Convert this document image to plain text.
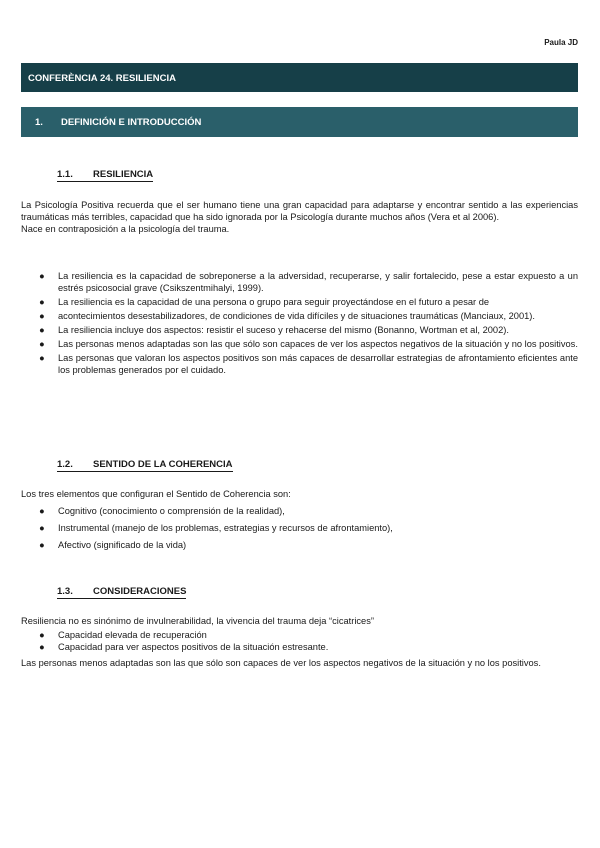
Paula JD
CONFERÈNCIA 24. RESILIENCIA
1. DEFINICIÓN E INTRODUCCIÓN
1.1. RESILIENCIA

La Psicología Positiva recuerda que el ser humano tiene una gran capacidad para adaptarse y encontrar sentido a las experiencias traumáticas más terribles, capacidad que ha sido ignorada por la Psicología durante muchos años (Vera et al 2006).

Nace en contraposición a la psicología del trauma.

● La resiliencia es la capacidad de sobreponerse a la adversidad, recuperarse, y salir fortalecido, pese a estar expuesto a un estrés psicosocial grave (Csikszentmihalyi, 1999).
● La resiliencia es la capacidad de una persona o grupo para seguir proyectándose en el futuro a pesar de
● acontecimientos desestabilizadores, de condiciones de vida difíciles y de situaciones traumáticas (Manciaux, 2001).
● La resiliencia incluye dos aspectos: resistir el suceso y rehacerse del mismo (Bonanno, Wortman et al, 2002).
● Las personas menos adaptadas son las que sólo son capaces de ver los aspectos negativos de la situación y no los positivos.
● Las personas que valoran los aspectos positivos son más capaces de desarrollar estrategias de afrontamiento eficientes ante los problemas generados por el cuidado.
1.2. SENTIDO DE LA COHERENCIA
Los tres elementos que configuran el Sentido de Coherencia son:
● Cognitivo (conocimiento o comprensión de la realidad),
● Instrumental (manejo de los problemas, estrategias y recursos de afrontamiento),
● Afectivo (significado de la vida)
1.3. CONSIDERACIONES
Resiliencia no es sinónimo de invulnerabilidad, la vivencia del trauma deja “cicatrices”
● Capacidad elevada de recuperación
● Capacidad para ver aspectos positivos de la situación estresante.
Las personas menos adaptadas son las que sólo son capaces de ver los aspectos negativos de la situación y no los positivos.
